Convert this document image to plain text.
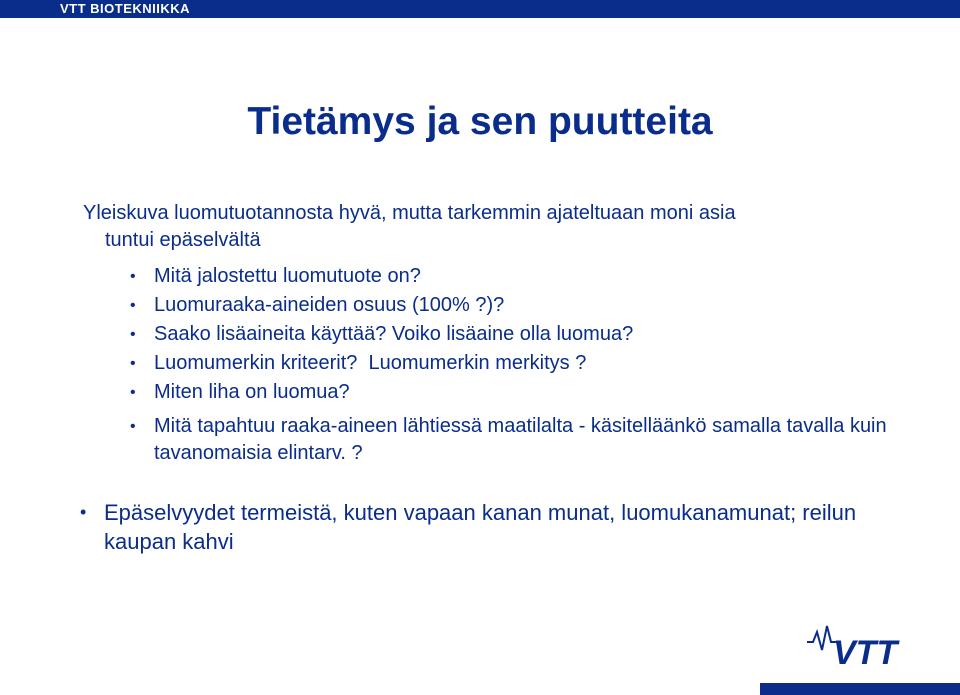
VTT BIOTEKNIIKKA
Tietämys ja sen puutteita
Yleiskuva luomutuotannosta hyvä, mutta tarkemmin ajateltuaan moni asia
tuntui epäselvältä
• Mitä jalostettu luomutuote on?
• Luomuraaka-aineiden osuus (100% ?)?
• Saako lisäaineita käyttää? Voiko lisäaine olla luomua?
• Luomumerkin kriteerit?  Luomumerkin merkitys ?
• Miten liha on luomua?
• Mitä tapahtuu raaka-aineen lähtiessä maatilalta - käsitelläänkö samalla tavalla kuin tavanomaisia elintarv. ?
• Epäselvyydet termeistä, kuten vapaan kanan munat, luomukanamunat; reilun kaupan kahvi
VTT
